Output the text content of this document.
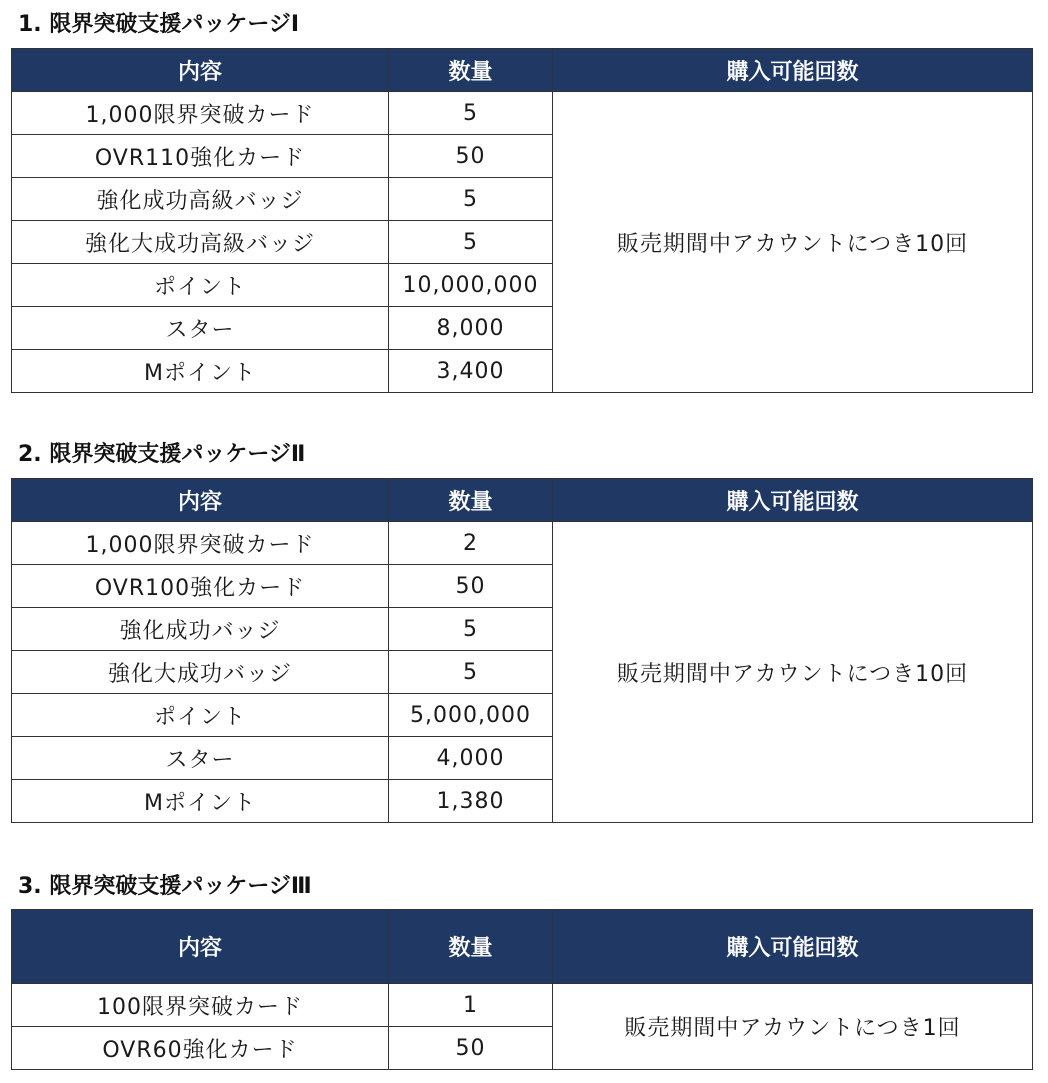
1. 限界突破支援パッケージⅠ
内容	数量	購入可能回数
1,000限界突破カード	5	販売期間中アカウントにつき10回
OVR110強化カード	50	
強化成功高級バッジ	5	
強化大成功高級バッジ	5	
ポイント	10,000,000	
スター	8,000	
Mポイント	3,400	
2. 限界突破支援パッケージⅡ
内容	数量	購入可能回数
1,000限界突破カード	2	販売期間中アカウントにつき10回
OVR100強化カード	50	
強化成功バッジ	5	
強化大成功バッジ	5	
ポイント	5,000,000	
スター	4,000	
Mポイント	1,380	
3. 限界突破支援パッケージⅢ
内容	数量	購入可能回数
100限界突破カード	1	販売期間中アカウントにつき1回
OVR60強化カード	50	
